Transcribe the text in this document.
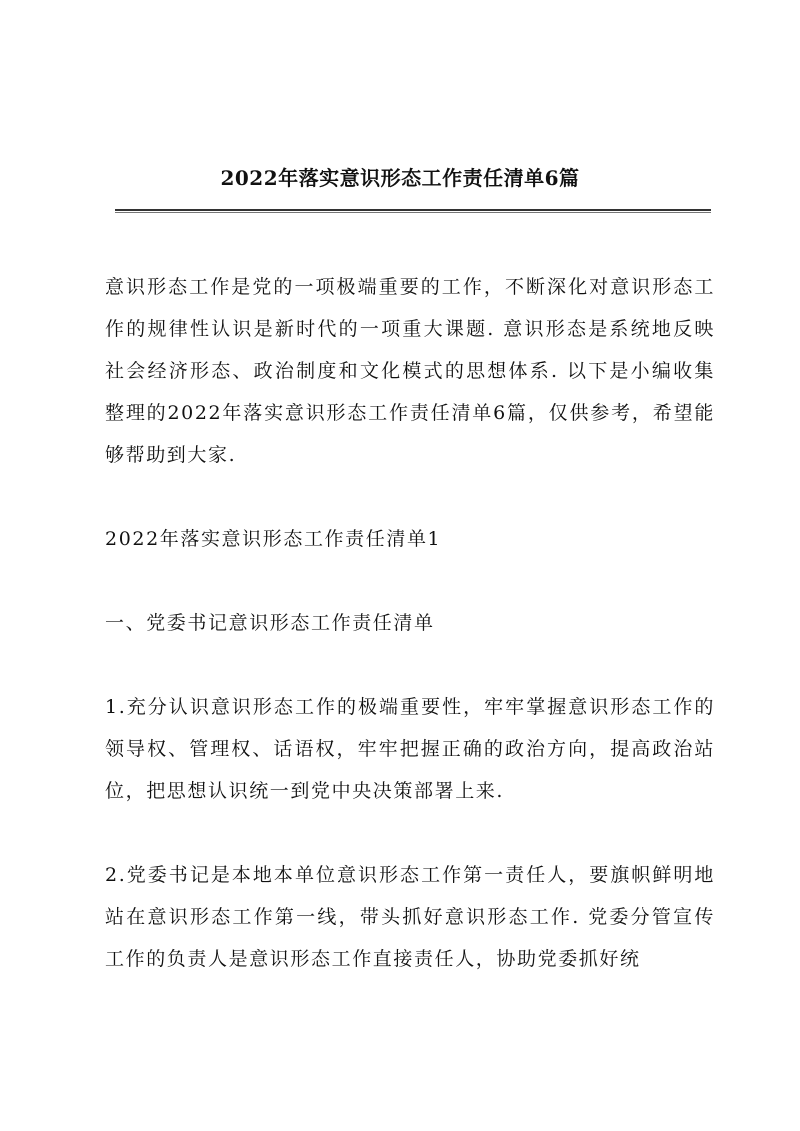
2022年落实意识形态工作责任清单6篇

意识形态工作是党的一项极端重要的工作，不断深化对意识形态工作的规律性认识是新时代的一项重大课题. 意识形态是系统地反映社会经济形态、政治制度和文化模式的思想体系. 以下是小编收集整理的2022年落实意识形态工作责任清单6篇，仅供参考，希望能够帮助到大家.

2022年落实意识形态工作责任清单1

一、党委书记意识形态工作责任清单

1.充分认识意识形态工作的极端重要性，牢牢掌握意识形态工作的领导权、管理权、话语权，牢牢把握正确的政治方向，提高政治站位，把思想认识统一到党中央决策部署上来.

2.党委书记是本地本单位意识形态工作第一责任人，要旗帜鲜明地站在意识形态工作第一线，带头抓好意识形态工作. 党委分管宣传工作的负责人是意识形态工作直接责任人，协助党委抓好统
